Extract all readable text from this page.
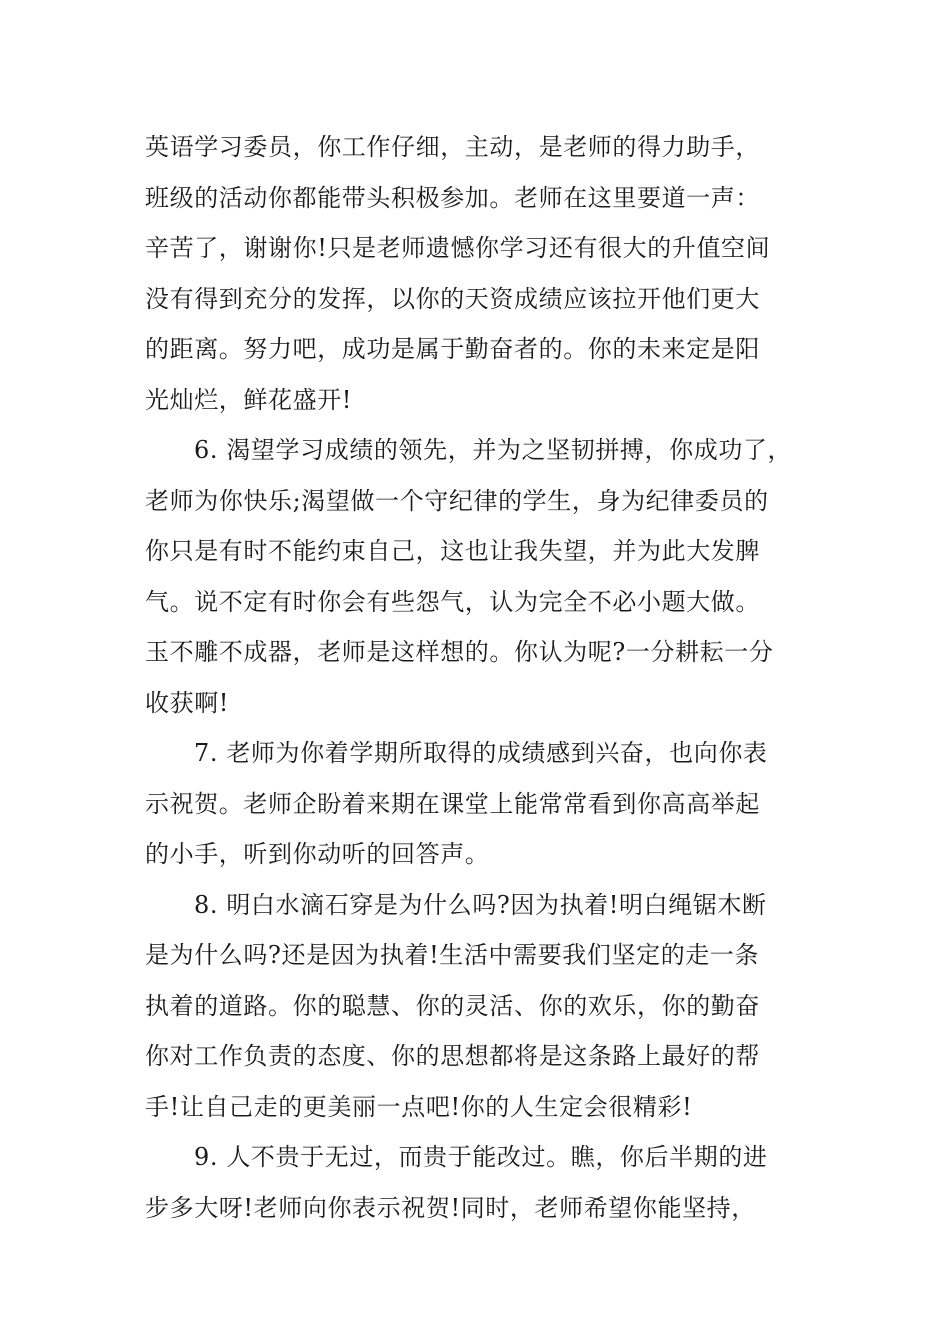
英语学习委员，你工作仔细，主动，是老师的得力助手，
班级的活动你都能带头积极参加。老师在这里要道一声：
辛苦了，谢谢你!只是老师遗憾你学习还有很大的升值空间
没有得到充分的发挥，以你的天资成绩应该拉开他们更大
的距离。努力吧，成功是属于勤奋者的。你的未来定是阳
光灿烂，鲜花盛开!
6. 渴望学习成绩的领先，并为之坚韧拼搏，你成功了，
老师为你快乐;渴望做一个守纪律的学生，身为纪律委员的
你只是有时不能约束自己，这也让我失望，并为此大发脾
气。说不定有时你会有些怨气，认为完全不必小题大做。
玉不雕不成器，老师是这样想的。你认为呢?一分耕耘一分
收获啊!
7. 老师为你着学期所取得的成绩感到兴奋，也向你表
示祝贺。老师企盼着来期在课堂上能常常看到你高高举起
的小手，听到你动听的回答声。
8. 明白水滴石穿是为什么吗?因为执着!明白绳锯木断
是为什么吗?还是因为执着!生活中需要我们坚定的走一条
执着的道路。你的聪慧、你的灵活、你的欢乐，你的勤奋
你对工作负责的态度、你的思想都将是这条路上最好的帮
手!让自己走的更美丽一点吧!你的人生定会很精彩!
9. 人不贵于无过，而贵于能改过。瞧，你后半期的进
步多大呀!老师向你表示祝贺!同时，老师希望你能坚持，
